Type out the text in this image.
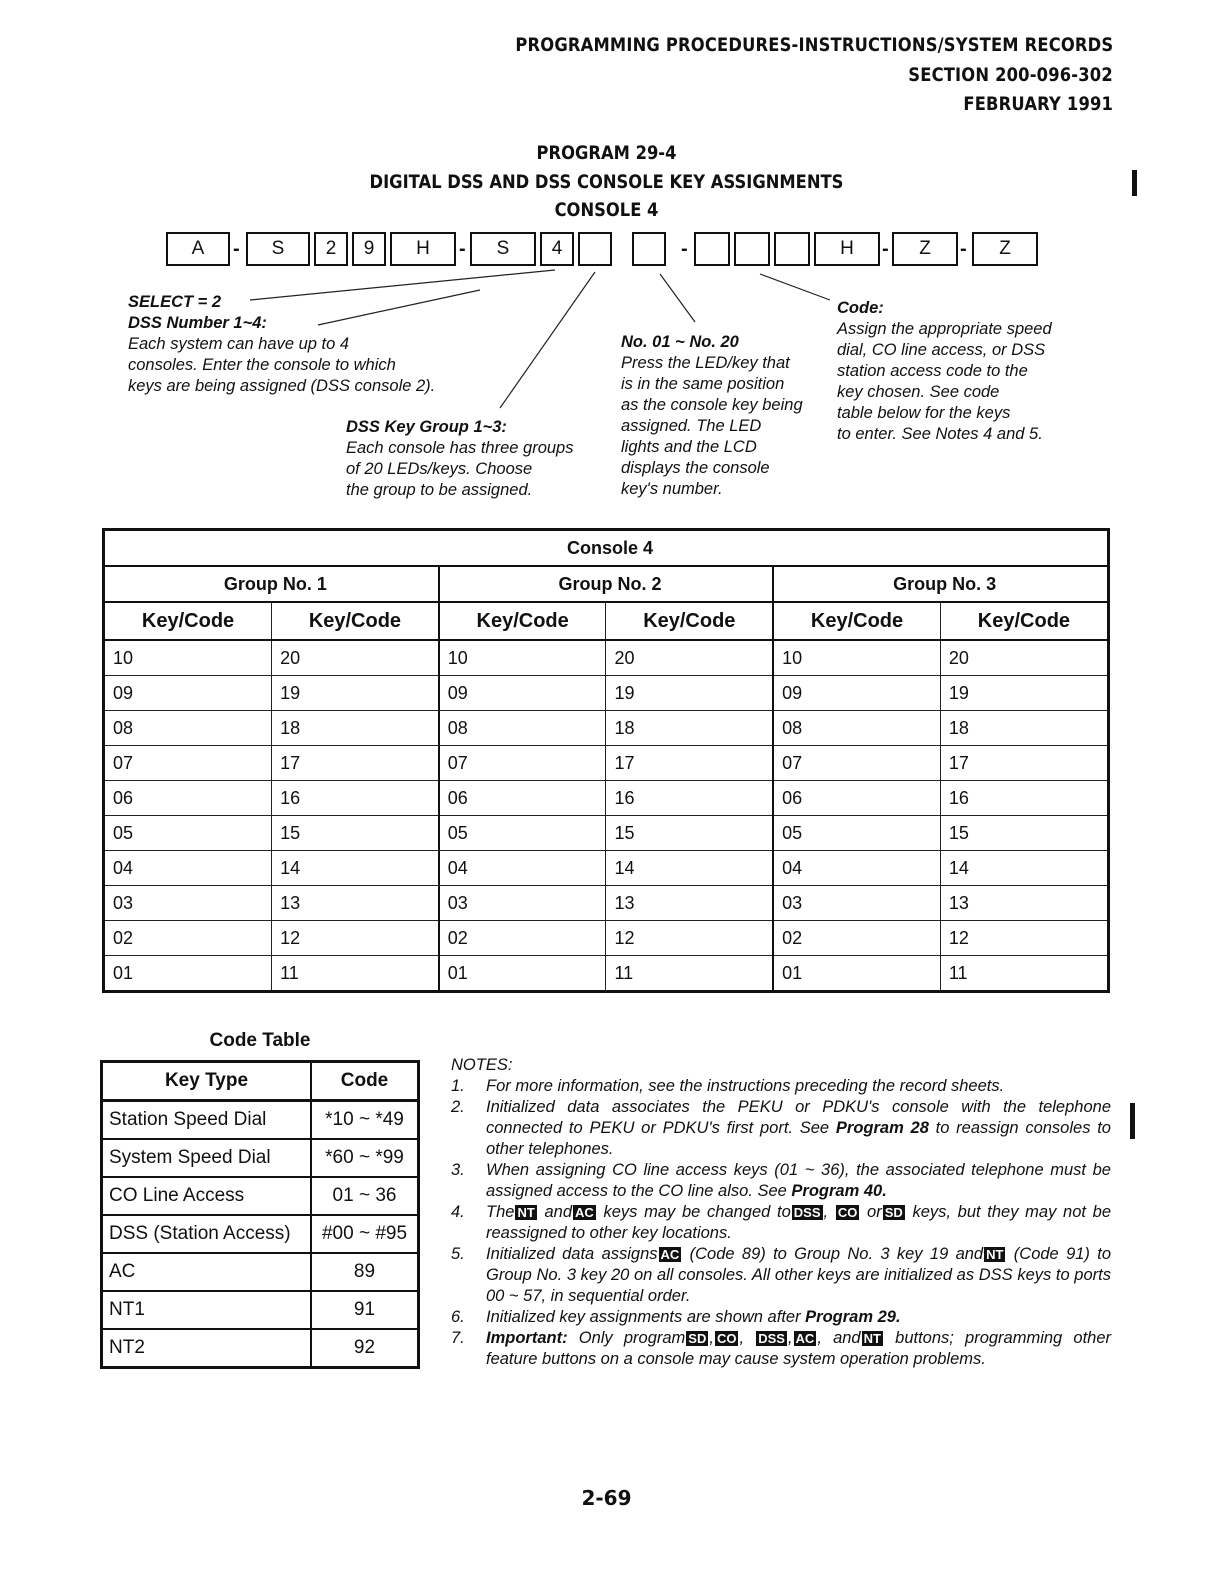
PROGRAMMING PROCEDURES-INSTRUCTIONS/SYSTEM RECORDS
SECTION 200-096-302
FEBRUARY 1991
PROGRAM 29-4
DIGITAL DSS AND DSS CONSOLE KEY ASSIGNMENTS
CONSOLE 4
A	-	S	2	9	H	-	S	4	-	H	-	Z	-	Z
SELECT = 2
DSS Number 1~4:
Each system can have up to 4
consoles. Enter the console to which
keys are being assigned (DSS console 2).
DSS Key Group 1~3:
Each console has three groups
of 20 LEDs/keys. Choose
the group to be assigned.
No. 01 ~ No. 20
Press the LED/key that
is in the same position
as the console key being
assigned. The LED
lights and the LCD
displays the console
key's number.
Code:
Assign the appropriate speed
dial, CO line access, or DSS
station access code to the
key chosen. See code
table below for the keys
to enter. See Notes 4 and 5.
Console 4					
Group No. 1		Group No. 2		Group No. 3	
Key/Code	Key/Code	Key/Code	Key/Code	Key/Code	Key/Code
10	20	10	20	10	20
09	19	09	19	09	19
08	18	08	18	08	18
07	17	07	17	07	17
06	16	06	16	06	16
05	15	05	15	05	15
04	14	04	14	04	14
03	13	03	13	03	13
02	12	02	12	02	12
01	11	01	11	01	11
Code Table
Key Type	Code
Station Speed Dial	*10 ~ *49
System Speed Dial	*60 ~ *99
CO Line Access	01 ~ 36
DSS (Station Access)	#00 ~ #95
AC	89
NT1	91
NT2	92
NOTES:
1. For more information, see the instructions preceding the record sheets.
2. Initialized data associates the PEKU or PDKU's console with the telephone connected to PEKU or PDKU's first port. See Program 28 to reassign consoles to other telephones.
3. When assigning CO line access keys (01 ~ 36), the associated telephone must be assigned access to the CO line also. See Program 40.
4. The NT and AC keys may be changed to DSS , CO or SD keys, but they may not be reassigned to other key locations.
5. Initialized data assigns AC (Code 89) to Group No. 3 key 19 and NT (Code 91) to Group No. 3 key 20 on all consoles. All other keys are initialized as DSS keys to ports 00 ~ 57, in sequential order.
6. Initialized key assignments are shown after Program 29.
7. Important: Only program SD , CO , DSS , AC , and NT buttons; programming other feature buttons on a console may cause system operation problems.
2-69
